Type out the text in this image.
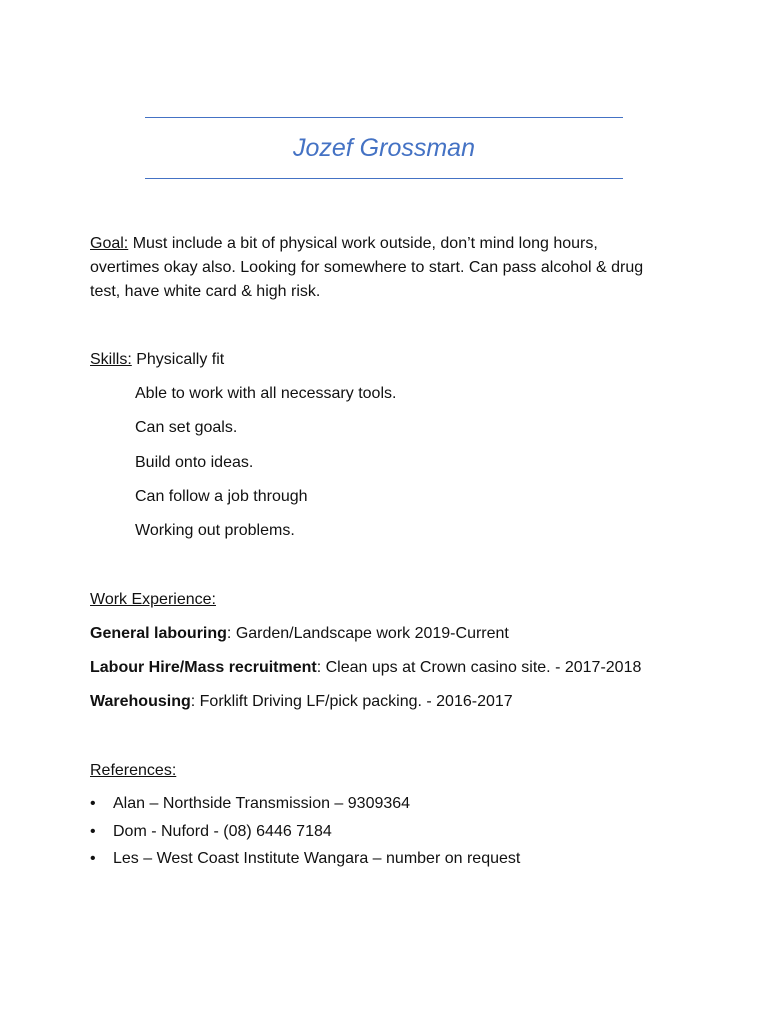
Jozef Grossman
Goal: Must include a bit of physical work outside, don’t mind long hours, overtimes okay also. Looking for somewhere to start. Can pass alcohol & drug test, have white card & high risk.
Skills: Physically fit
Able to work with all necessary tools.
Can set goals.
Build onto ideas.
Can follow a job through
Working out problems.
Work Experience:
General labouring: Garden/Landscape work 2019-Current
Labour Hire/Mass recruitment: Clean ups at Crown casino site. - 2017-2018
Warehousing: Forklift Driving LF/pick packing. - 2016-2017
References:
• Alan – Northside Transmission – 9309364
• Dom - Nuford - (08) 6446 7184
• Les – West Coast Institute Wangara – number on request
